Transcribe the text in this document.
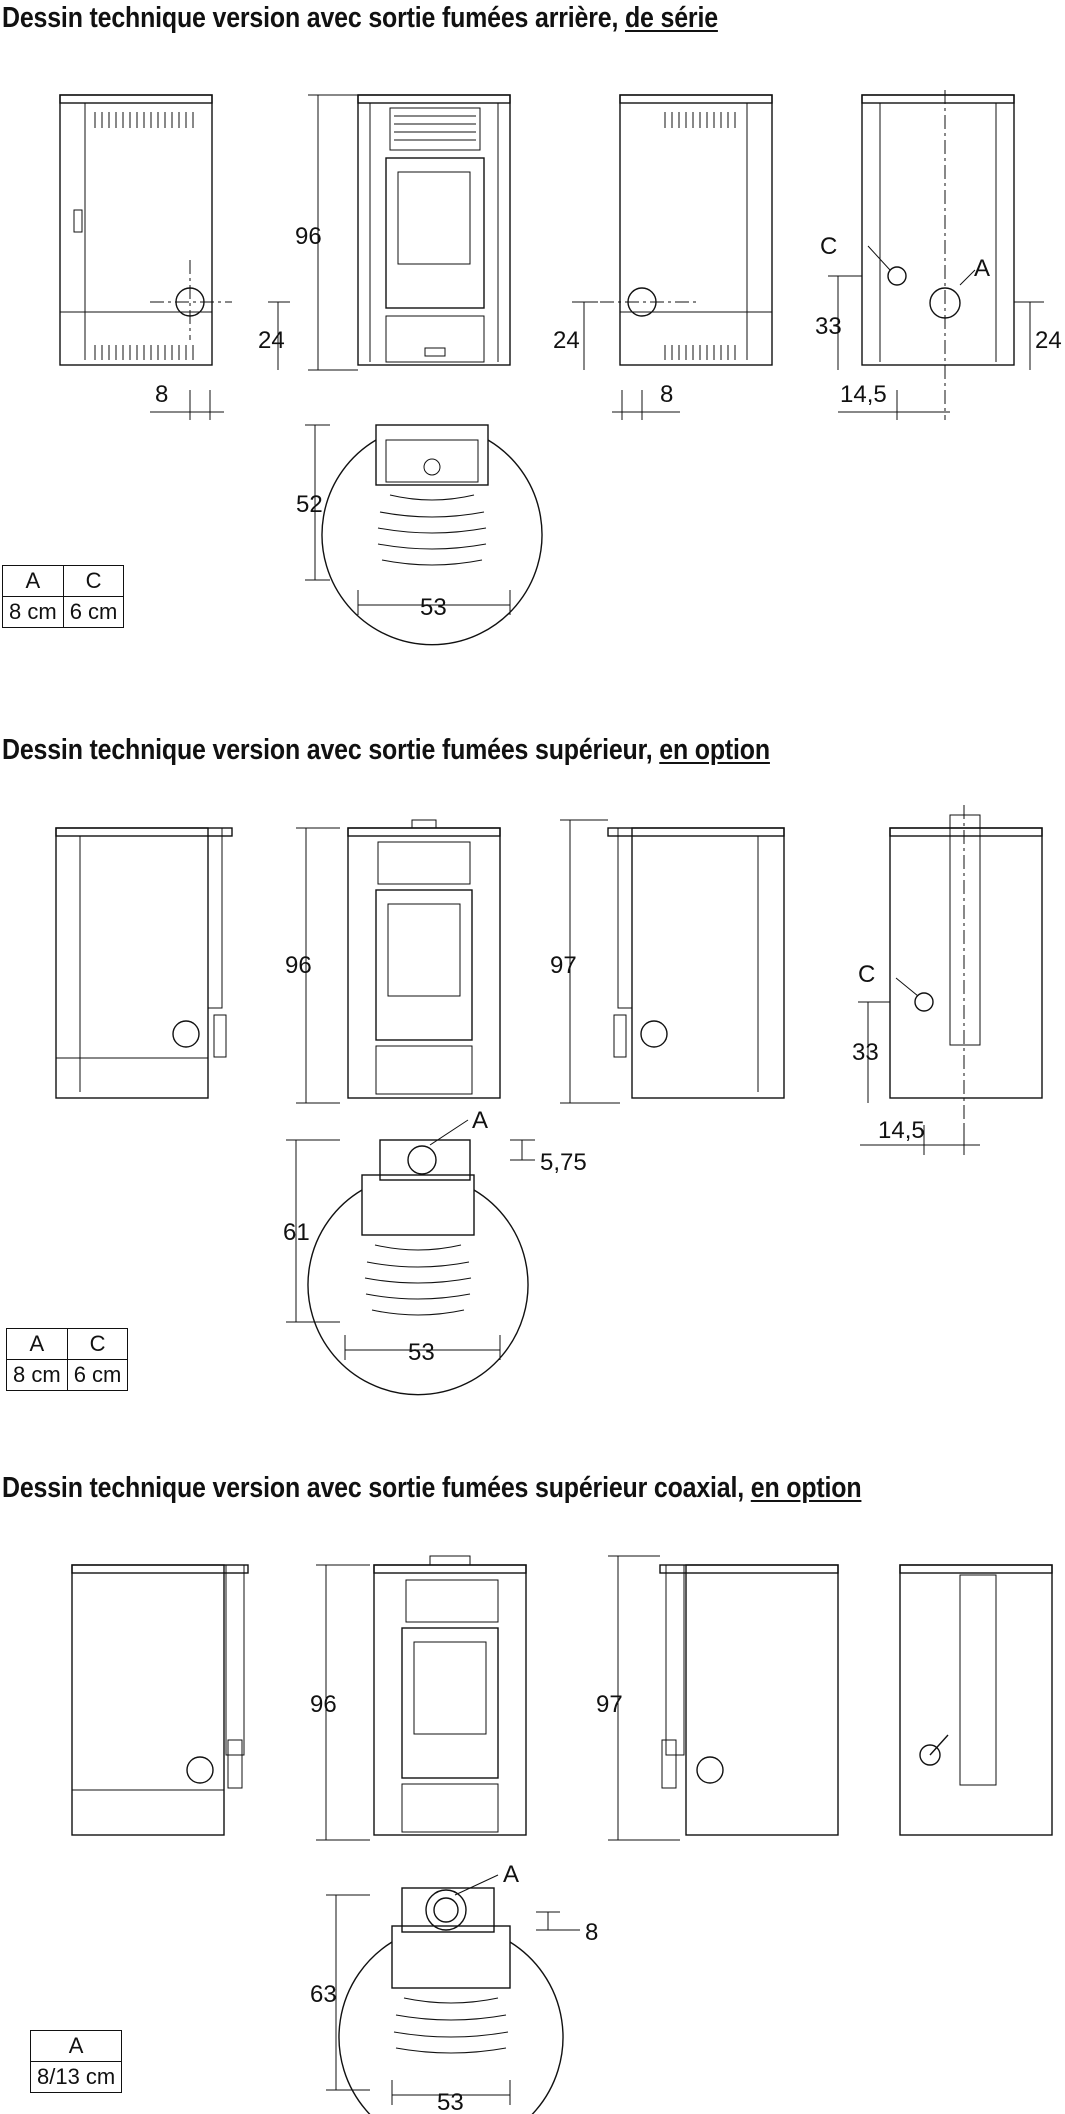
Dessin technique version avec sortie fumées arrière, de série
96
24
8
24
8
C
A
33
24
14,5
52
53
A	C
8 cm	6 cm
Dessin technique version avec sortie fumées supérieur, en option
96	97	C
33
14,5
A
5,75
61
53
A	C
8 cm	6 cm
Dessin technique version avec sortie fumées supérieur coaxial, en option
96	97
A
8
63
53
A
8/13 cm
